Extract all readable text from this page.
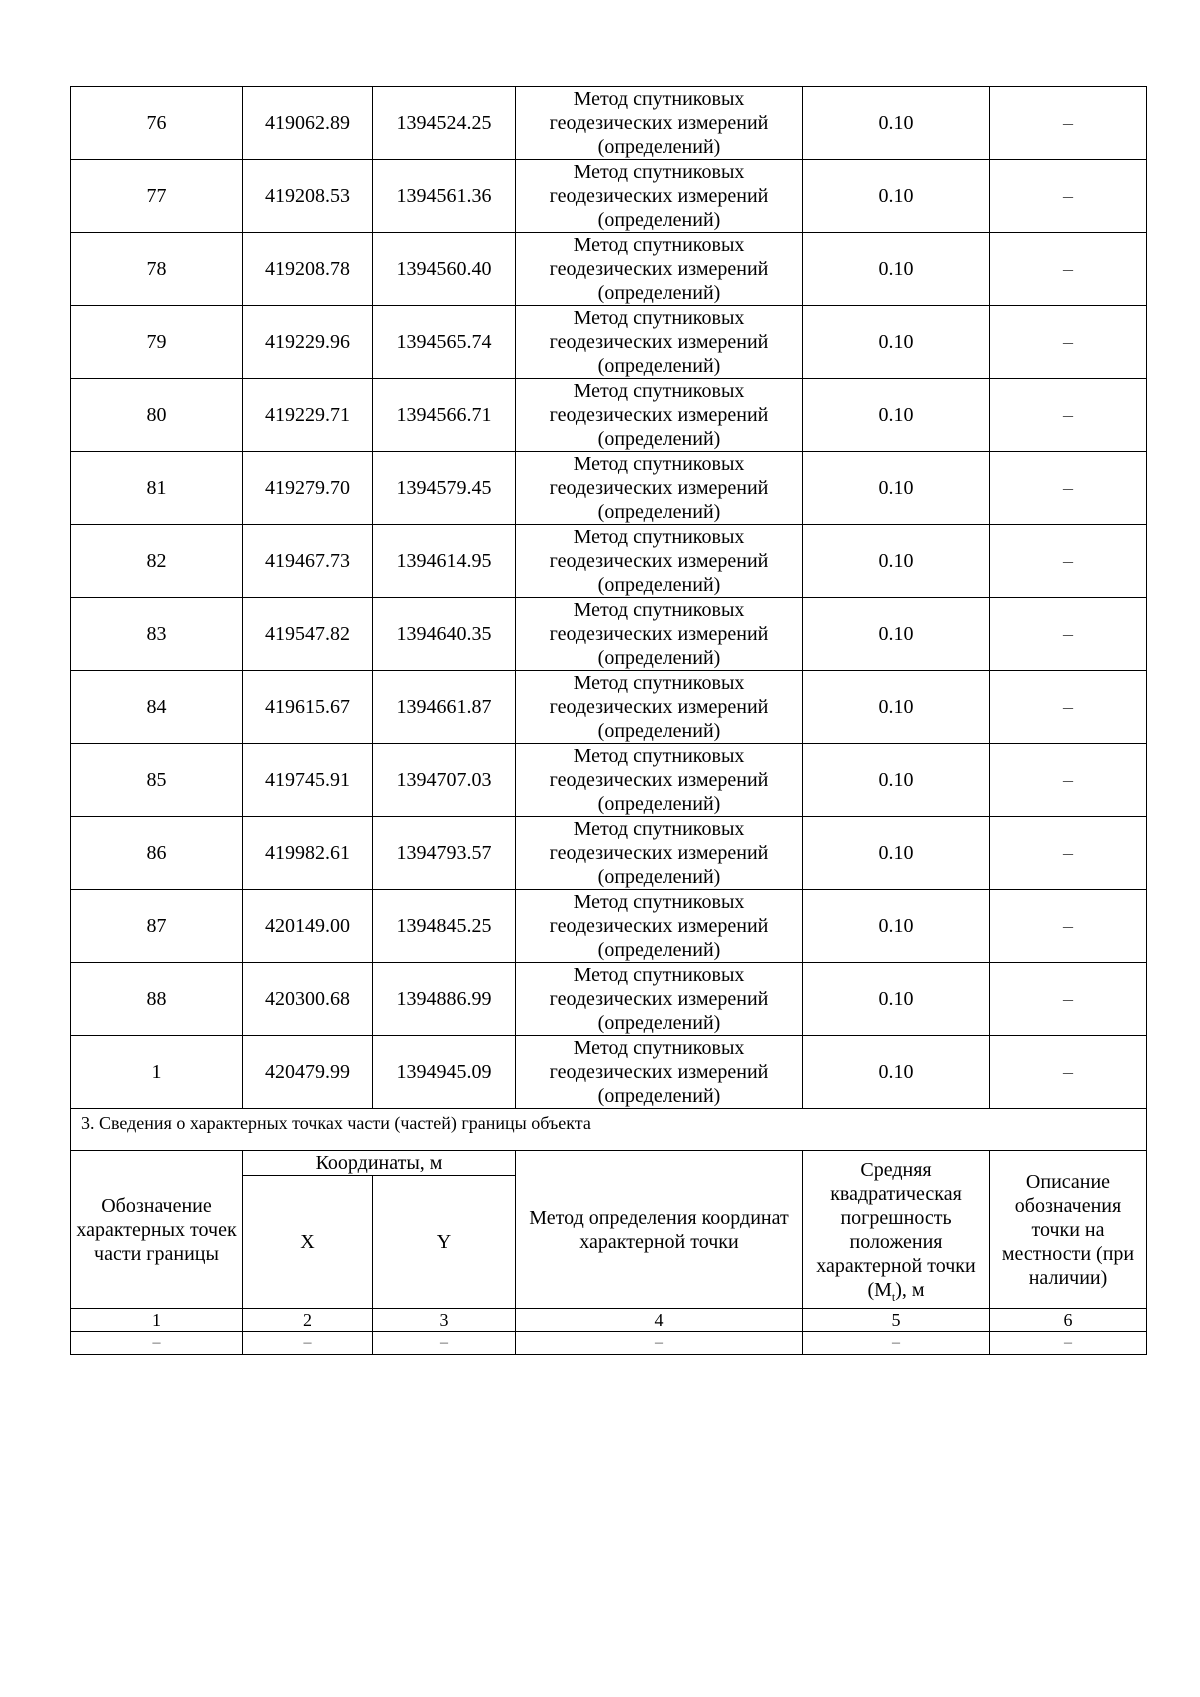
76	419062.89	1394524.25	Метод спутниковых геодезических измерений (определений)	0.10	–
77	419208.53	1394561.36	Метод спутниковых геодезических измерений (определений)	0.10	–
78	419208.78	1394560.40	Метод спутниковых геодезических измерений (определений)	0.10	–
79	419229.96	1394565.74	Метод спутниковых геодезических измерений (определений)	0.10	–
80	419229.71	1394566.71	Метод спутниковых геодезических измерений (определений)	0.10	–
81	419279.70	1394579.45	Метод спутниковых геодезических измерений (определений)	0.10	–
82	419467.73	1394614.95	Метод спутниковых геодезических измерений (определений)	0.10	–
83	419547.82	1394640.35	Метод спутниковых геодезических измерений (определений)	0.10	–
84	419615.67	1394661.87	Метод спутниковых геодезических измерений (определений)	0.10	–
85	419745.91	1394707.03	Метод спутниковых геодезических измерений (определений)	0.10	–
86	419982.61	1394793.57	Метод спутниковых геодезических измерений (определений)	0.10	–
87	420149.00	1394845.25	Метод спутниковых геодезических измерений (определений)	0.10	–
88	420300.68	1394886.99	Метод спутниковых геодезических измерений (определений)	0.10	–
1	420479.99	1394945.09	Метод спутниковых геодезических измерений (определений)	0.10	–
3. Сведения о характерных точках части (частей) границы объекта					
Обозначение характерных точек части границы	Координаты, м		Метод определения координат характерной точки	Средняя квадратическая погрешность положения характерной точки $(M_t)$, м	Описание обозначения точки на местности (при наличии)
	X	Y			
1	2	3	4	5	6
–	–	–	–	–	–
